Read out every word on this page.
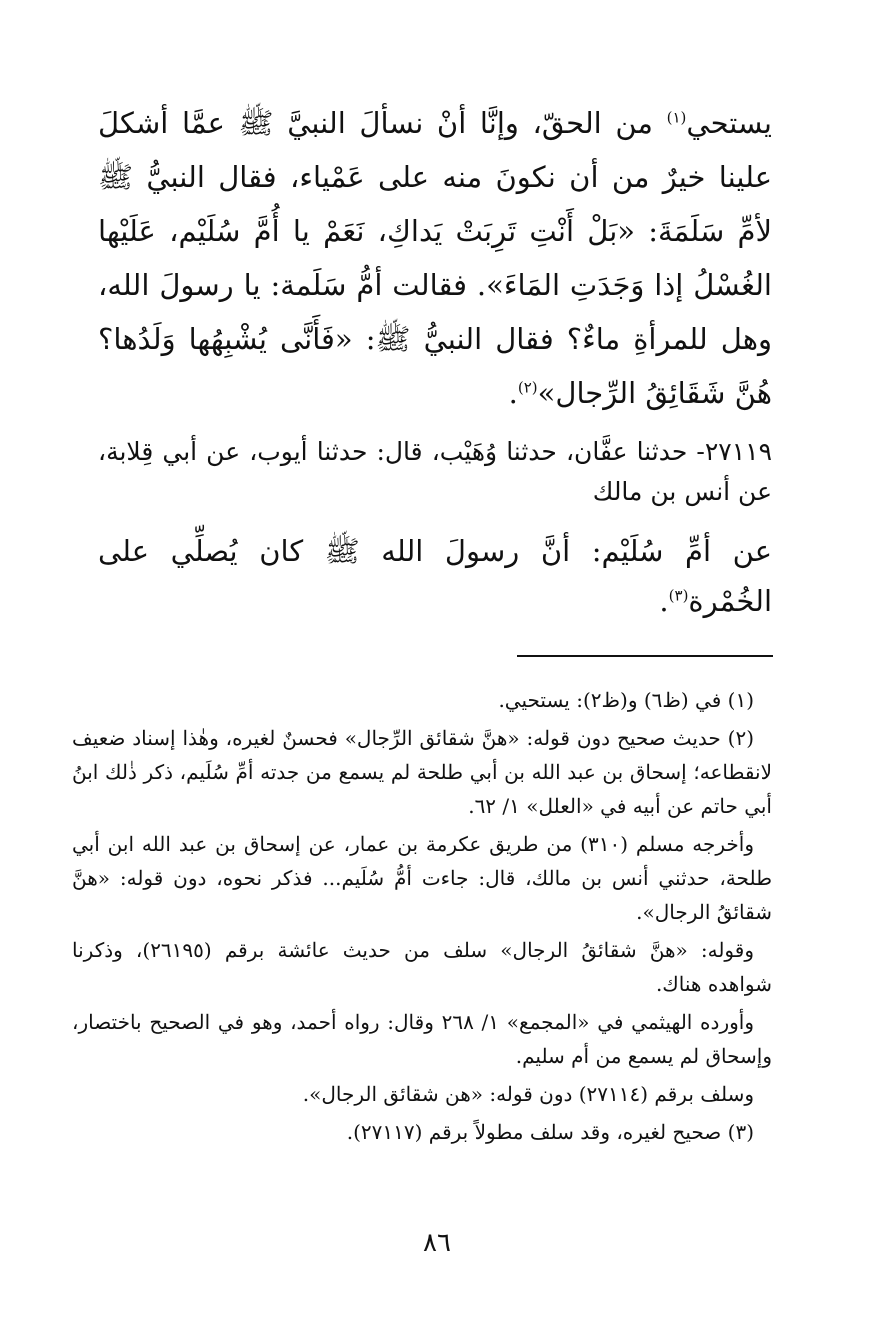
يستحي$^{(١)}$ من الحقّ، وإنَّا أنْ نسألَ النبيَّ ﷺ عمَّا أشكلَ علينا خيرٌ من أن نكونَ منه على عَمْياء، فقال النبيُّ ﷺ لأمِّ سَلَمَةَ: «بَلْ أَنْتِ تَرِبَتْ يَداكِ، نَعَمْ يا أُمَّ سُلَيْم، عَلَيْها الغُسْلُ إذا وَجَدَتِ المَاءَ». فقالت أمُّ سَلَمة: يا رسولَ الله، وهل للمرأةِ ماءٌ؟ فقال النبيُّ ﷺ: «فَأَنَّى يُشْبِهُها وَلَدُها؟ هُنَّ شَقَائِقُ الرِّجال»$^{(٢)}$.

٢٧١١٩- حدثنا عفَّان، حدثنا وُهَيْب، قال: حدثنا أيوب، عن أبي قِلابة، عن أنس بن مالك

عن أمِّ سُلَيْم: أنَّ رسولَ الله ﷺ كان يُصلِّي على الخُمْرة$^{(٣)}$.

(١) في (ظ٦) و(ظ٢): يستحيي.

(٢) حديث صحيح دون قوله: «هنَّ شقائق الرِّجال» فحسنٌ لغيره، وهٰذا إسناد ضعيف لانقطاعه؛ إسحاق بن عبد الله بن أبي طلحة لم يسمع من جدته أمِّ سُلَيم، ذكر ذٰلك ابنُ أبي حاتم عن أبيه في «العلل» ١/ ٦٢.

وأخرجه مسلم (٣١٠) من طريق عكرمة بن عمار، عن إسحاق بن عبد الله ابن أبي طلحة، حدثني أنس بن مالك، قال: جاءت أمُّ سُلَيم... فذكر نحوه، دون قوله: «هنَّ شقائقُ الرجال».

وقوله: «هنَّ شقائقُ الرجال» سلف من حديث عائشة برقم (٢٦١٩٥)، وذكرنا شواهده هناك.

وأورده الهيثمي في «المجمع» ١/ ٢٦٨ وقال: رواه أحمد، وهو في الصحيح باختصار، وإسحاق لم يسمع من أم سليم.

وسلف برقم (٢٧١١٤) دون قوله: «هن شقائق الرجال».

(٣) صحيح لغيره، وقد سلف مطولاً برقم (٢٧١١٧).

٨٦
